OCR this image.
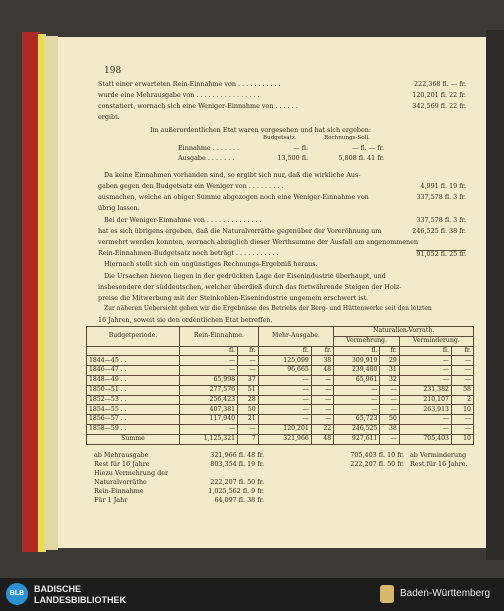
198
Statt einer erwarteten Rein-Einnahme von . . . . . . . . . . .	222,368 fl. — fr.
wurde eine Mehrausgabe von . . . . . . . . . . . . . . . .	120,201 fl. 22 fr.
constatiert, wornach sich eine Weniger-Einnahme von . . . . . .	342,569 fl. 22 fr.
ergibt.
Im außerordentlichen Etat waren vorgesehen und hat sich ergeben:
Budgetsatz.	Rechnungs-Soll.
Einnahme . . . . . . .	— fl.	— fl. — fr.
Ausgabe . . . . . . .	13,500 fl.	5,808 fl. 41 fr.
Da keine Einnahmen vorhanden sind, so ergibt sich nur, daß die wirkliche Aus-
gaben gegen den Budgetsatz ein Weniger von . . . . . . . . .	4,991 fl. 19 fr.
ausmachen, welche an obiger Summe abgezogen noch eine Weniger-Einnahme von	337,578 fl. 3 fr.
übrig lassen.
Bei der Weniger-Einnahme von . . . . . . . . . . . . . .	337,578 fl. 3 fr.
hat es sich übrigens ergeben, daß die Naturalvorräthe gegenüber der Voreröhnung um	246,525 fl. 38 fr.
vermehrt werden konnten, wornach abzüglich dieser Werthsumme der Ausfall am angenommenen
Rein-Einnahmen-Budgetsatz noch beträgt . . . . . . . . . . .	91,052 fl. 25 fr.
Hiernach stellt sich ein ungünstiges Rechnungs-Ergebniß heraus.
Die Ursachen hievon liegen in der gedrückten Lage der Eisenindustrie überhaupt, und
insbesondere der süddeutschen, welcher überdieß durch das fortwährende Steigen der Holz-
preise die Mitwerbung mit der Steinkohlen-Eisenindustrie ungemein erschwert ist.
Zur näheren Uebersicht geben wir die Ergebnisse des Betriebs der Berg- und Hüttenwerke seit den letzten
16 Jahren, soweit sie den ordentlichen Etat betreffen.
Budgetperiode.	Rein-Einnahme.		Mehr-Ausgabe.		Naturalien-Vorrath.			
					Vermehrung.		Verminderung.	
	fl.	fr.	fl.	fr.	fl.	fr.	fl.	fr.
1844—45 . .	—	—	125,099	38	309,919	29	—	—
1846—47 . .	—	—	96,665	48	239,480	31	—	—
1848—49 . .	65,998	37	—	—	65,961	32	—	—
1850—51 . .	277,576	51	—	—	—	—	231,382	58
1852—53 . .	256,423	28	—	—	—	—	210,107	2
1854—55 . .	407,381	50	—	—	—	—	263,913	10
1856—57 . .	117,940	21	—	—	65,723	50	—	—
1858—59 . .	—	—	120,201	22	246,525	38	—	—
Summe	1,125,321	7	321,966	48	927,611	—	705,403	10
ab Mehrausgabe	321,966 fl. 48 fr.	705,403 fl. 10 fr. ab Verminderung
Rest für 16 Jahre	803,354 fl. 19 fr.	222,207 fl. 50 fr. Rest für 16 Jahre.
Hiezu Vermehrung der
Naturalvorräthe	222,207 fl. 50 fr.
Rein-Einnahme	1,025,562 fl. 9 fr.
Für 1 Jahr	64,097 fl. 38 fr.
BLB	BADISCHE
LANDESBIBLIOTHEK
Baden-Württemberg
